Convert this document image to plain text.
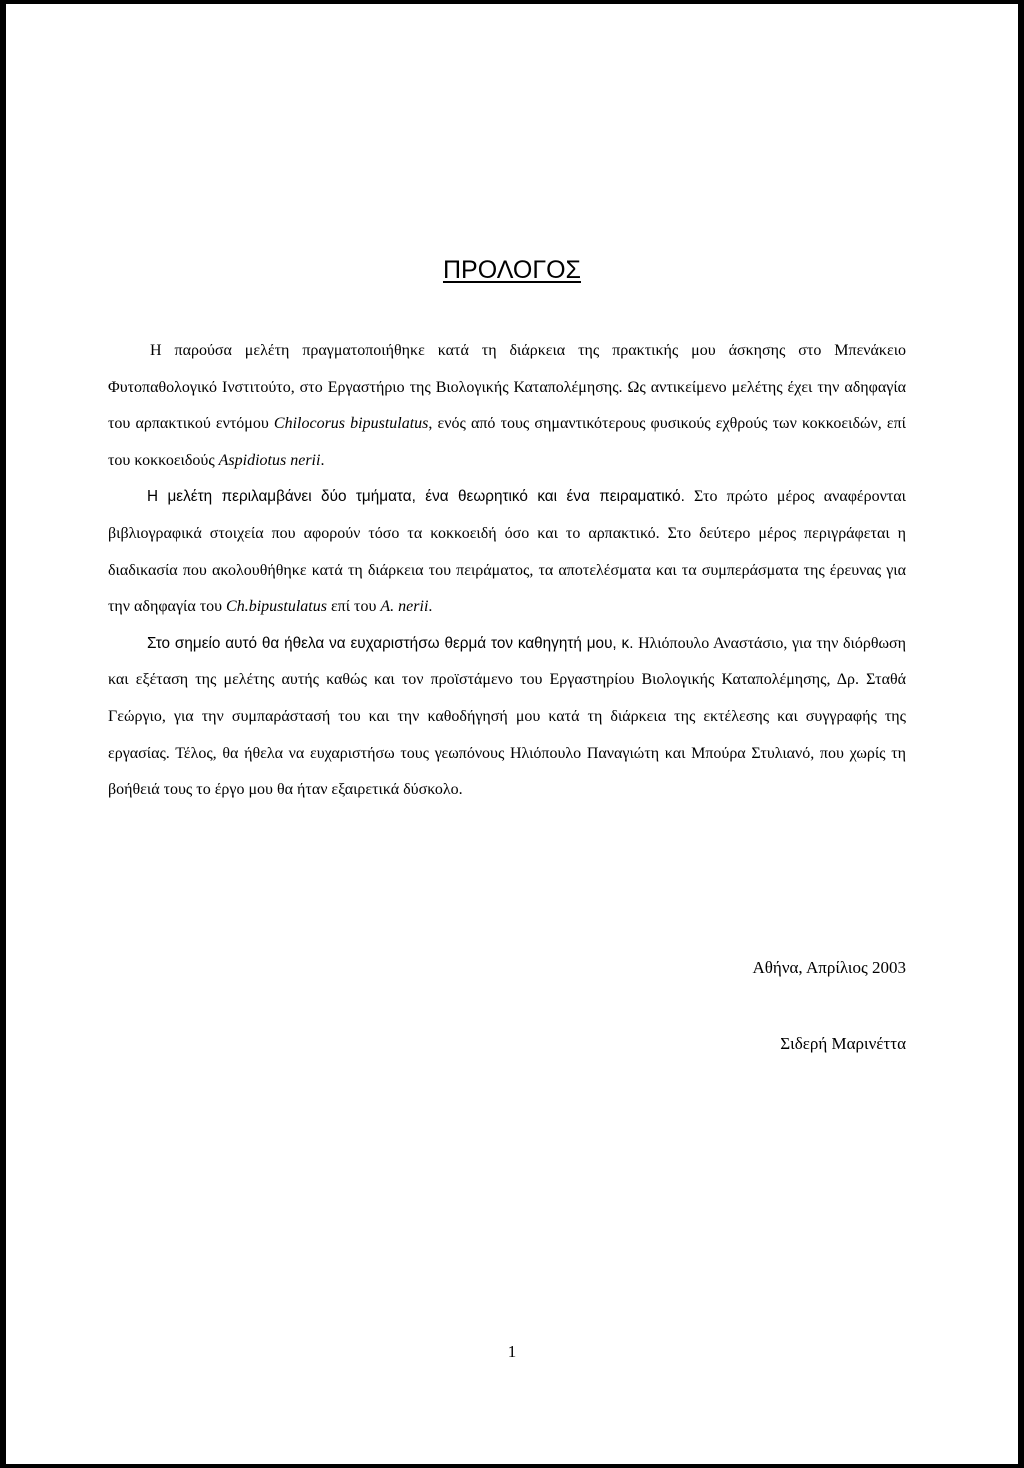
ΠΡΟΛΟΓΟΣ

Η παρούσα μελέτη πραγματοποιήθηκε κατά τη διάρκεια της πρακτικής μου άσκησης στο Μπενάκειο Φυτοπαθολογικό Ινστιτούτο, στο Εργαστήριο της Βιολογικής Καταπολέμησης. Ως αντικείμενο μελέτης έχει την αδηφαγία του αρπακτικού εντόμου Chilocorus bipustulatus, ενός από τους σημαντικότερους φυσικούς εχθρούς των κοκκοειδών, επί του κοκκοειδούς Aspidiotus nerii.

Η μελέτη περιλαμβάνει δύο τμήματα, ένα θεωρητικό και ένα πειραματικό. Στο πρώτο μέρος αναφέρονται βιβλιογραφικά στοιχεία που αφορούν τόσο τα κοκκοειδή όσο και το αρπακτικό. Στο δεύτερο μέρος περιγράφεται η διαδικασία που ακολουθήθηκε κατά τη διάρκεια του πειράματος, τα αποτελέσματα και τα συμπεράσματα της έρευνας για την αδηφαγία του Ch.bipustulatus επί του A. nerii.

Στο σημείο αυτό θα ήθελα να ευχαριστήσω θερμά τον καθηγητή μου, κ. Ηλιόπουλο Αναστάσιο, για την διόρθωση και εξέταση της μελέτης αυτής καθώς και τον προϊστάμενο του Εργαστηρίου Βιολογικής Καταπολέμησης, Δρ. Σταθά Γεώργιο, για την συμπαράστασή του και την καθοδήγησή μου κατά τη διάρκεια της εκτέλεσης και συγγραφής της εργασίας. Τέλος, θα ήθελα να ευχαριστήσω τους γεωπόνους Ηλιόπουλο Παναγιώτη και Μπούρα Στυλιανό, που χωρίς τη βοήθειά τους το έργο μου θα ήταν εξαιρετικά δύσκολο.

Αθήνα, Απρίλιος 2003

Σιδερή Μαρινέττα

1
